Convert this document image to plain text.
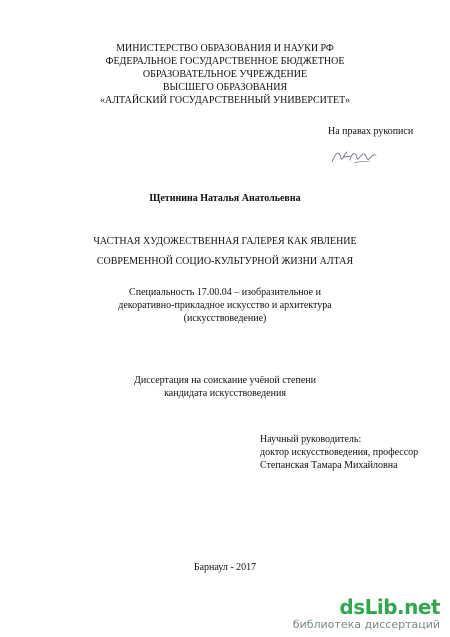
МИНИСТЕРСТВО ОБРАЗОВАНИЯ И НАУКИ РФ
ФЕДЕРАЛЬНОЕ ГОСУДАРСТВЕННОЕ БЮДЖЕТНОЕ
ОБРАЗОВАТЕЛЬНОЕ УЧРЕЖДЕНИЕ
ВЫСШЕГО ОБРАЗОВАНИЯ
«АЛТАЙСКИЙ ГОСУДАРСТВЕННЫЙ УНИВЕРСИТЕТ»
На правах рукописи
Щетинина Наталья Анатольевна
ЧАСТНАЯ ХУДОЖЕСТВЕННАЯ ГАЛЕРЕЯ КАК ЯВЛЕНИЕ
СОВРЕМЕННОЙ СОЦИО-КУЛЬТУРНОЙ ЖИЗНИ АЛТАЯ
Специальность 17.00.04 – изобразительное и
декоративно-прикладное искусство и архитектура
(искусствоведение)
Диссертация на соискание учёной степени
кандидата искусствоведения
Научный руководитель:
доктор искусствоведения, профессор
Степанская Тамара Михайловна
Барнаул - 2017
dsLib.net
библиотека диссертаций
